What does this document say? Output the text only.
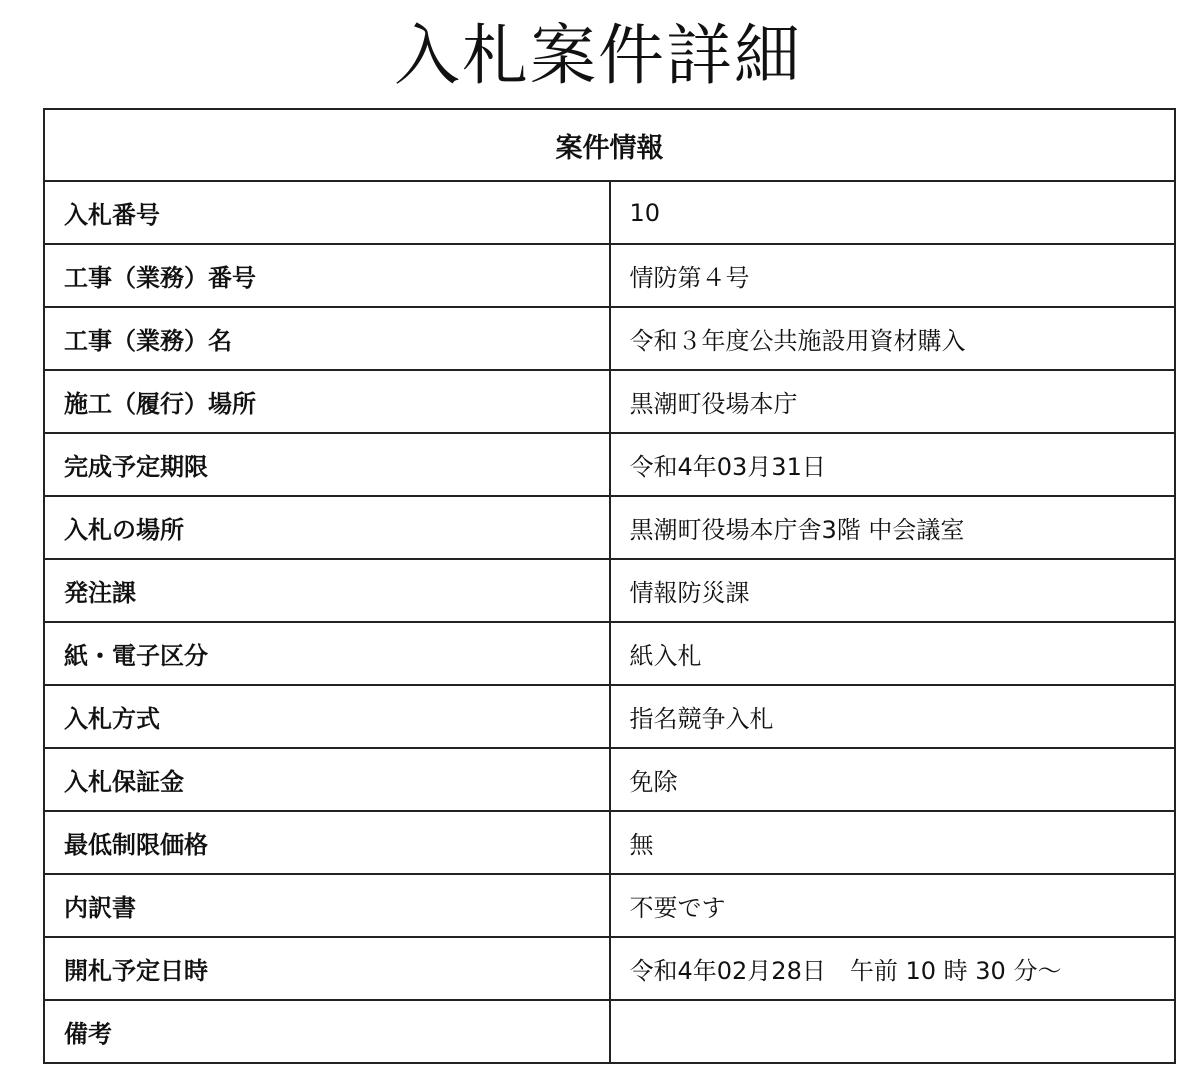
入札案件詳細
案件情報	
入札番号	10
工事（業務）番号	情防第４号
工事（業務）名	令和３年度公共施設用資材購入
施工（履行）場所	黒潮町役場本庁
完成予定期限	令和4年03月31日
入札の場所	黒潮町役場本庁舎3階 中会議室
発注課	情報防災課
紙・電子区分	紙入札
入札方式	指名競争入札
入札保証金	免除
最低制限価格	無
内訳書	不要です
開札予定日時	令和4年02月28日　午前 10 時 30 分～
備考	
